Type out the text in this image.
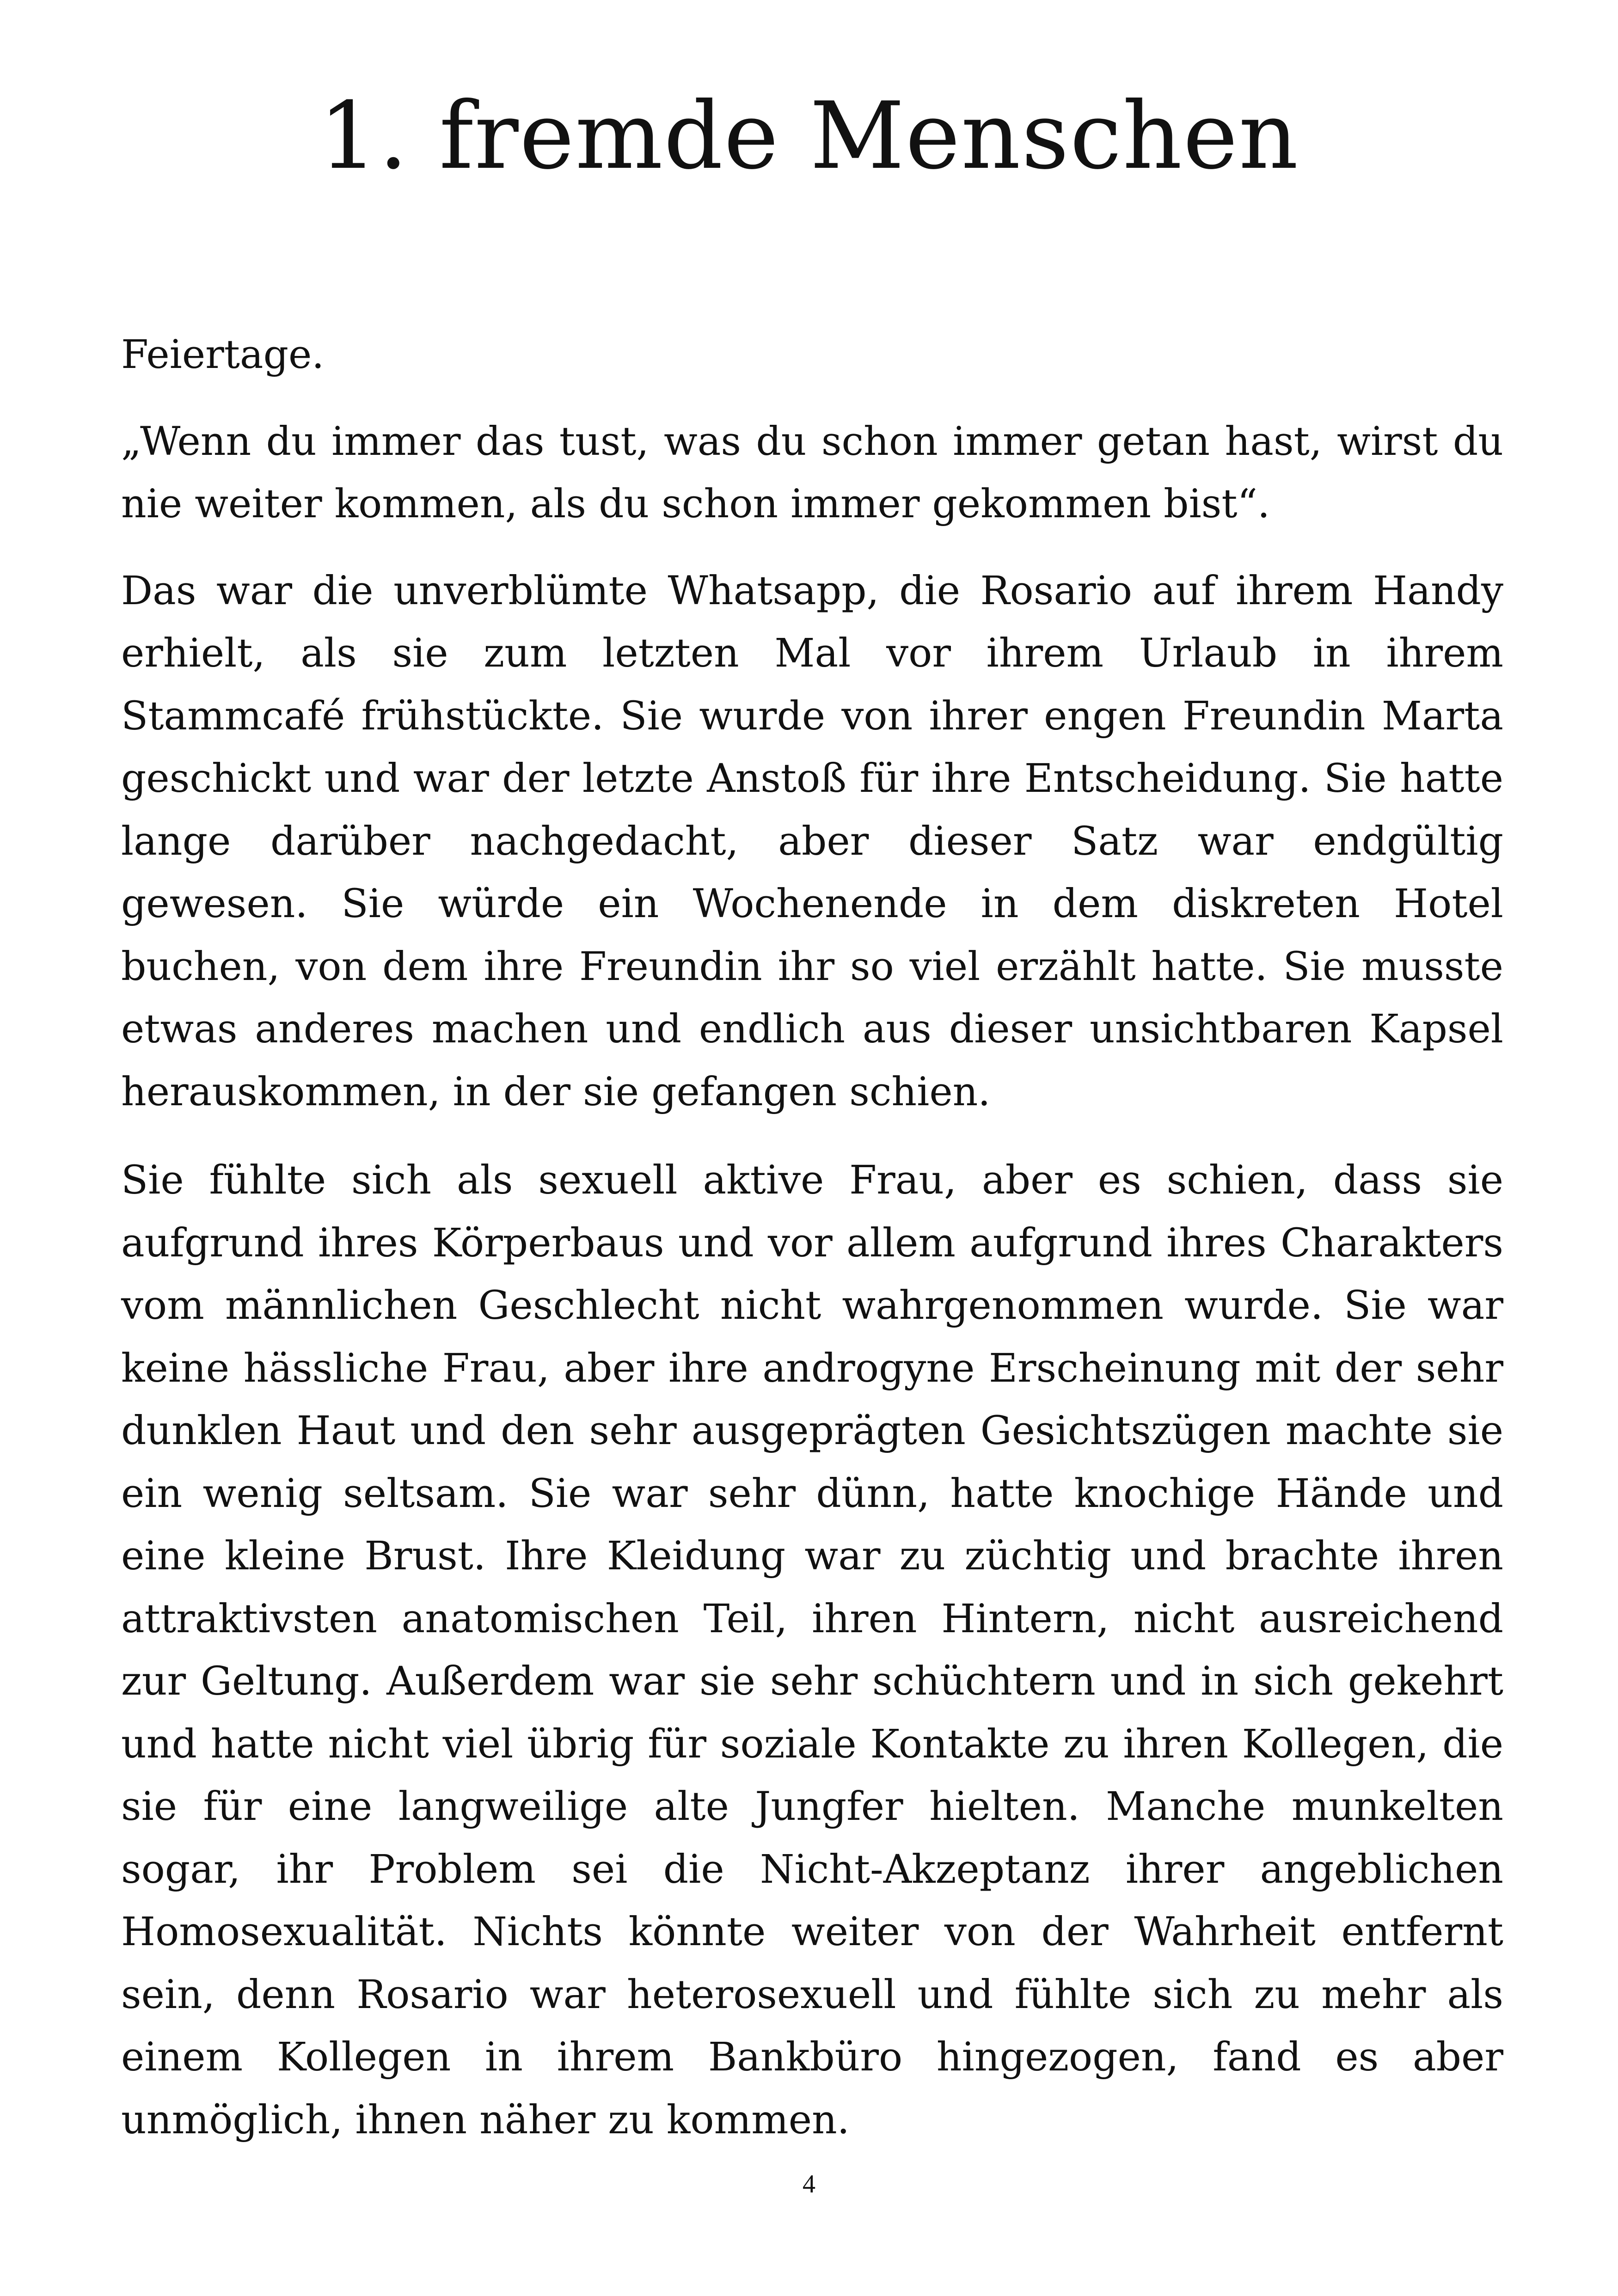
1. fremde Menschen

Feiertage.

„Wenn du immer das tust, was du schon immer getan hast, wirst du nie weiter kommen, als du schon immer gekommen bist“.

Das war die unverblümte Whatsapp, die Rosario auf ihrem Handy erhielt, als sie zum letzten Mal vor ihrem Urlaub in ihrem Stammcafé frühstückte. Sie wurde von ihrer engen Freundin Marta geschickt und war der letzte Anstoß für ihre Entscheidung. Sie hatte lange darüber nachgedacht, aber dieser Satz war endgültig gewesen. Sie würde ein Wochenende in dem diskreten Hotel buchen, von dem ihre Freundin ihr so viel erzählt hatte. Sie musste etwas anderes machen und endlich aus dieser unsichtbaren Kapsel herauskommen, in der sie gefangen schien.

Sie fühlte sich als sexuell aktive Frau, aber es schien, dass sie aufgrund ihres Körperbaus und vor allem aufgrund ihres Charakters vom männlichen Geschlecht nicht wahrgenommen wurde. Sie war keine hässliche Frau, aber ihre androgyne Erscheinung mit der sehr dunklen Haut und den sehr ausgeprägten Gesichtszügen machte sie ein wenig seltsam. Sie war sehr dünn, hatte knochige Hände und eine kleine Brust. Ihre Kleidung war zu züchtig und brachte ihren attraktivsten anatomischen Teil, ihren Hintern, nicht ausreichend zur Geltung. Außerdem war sie sehr schüchtern und in sich gekehrt und hatte nicht viel übrig für soziale Kontakte zu ihren Kollegen, die sie für eine langweilige alte Jungfer hielten. Manche munkelten sogar, ihr Problem sei die Nicht-Akzeptanz ihrer angeblichen Homosexualität. Nichts könnte weiter von der Wahrheit entfernt sein, denn Rosario war heterosexuell und fühlte sich zu mehr als einem Kollegen in ihrem Bankbüro hingezogen, fand es aber unmöglich, ihnen näher zu kommen.

4
